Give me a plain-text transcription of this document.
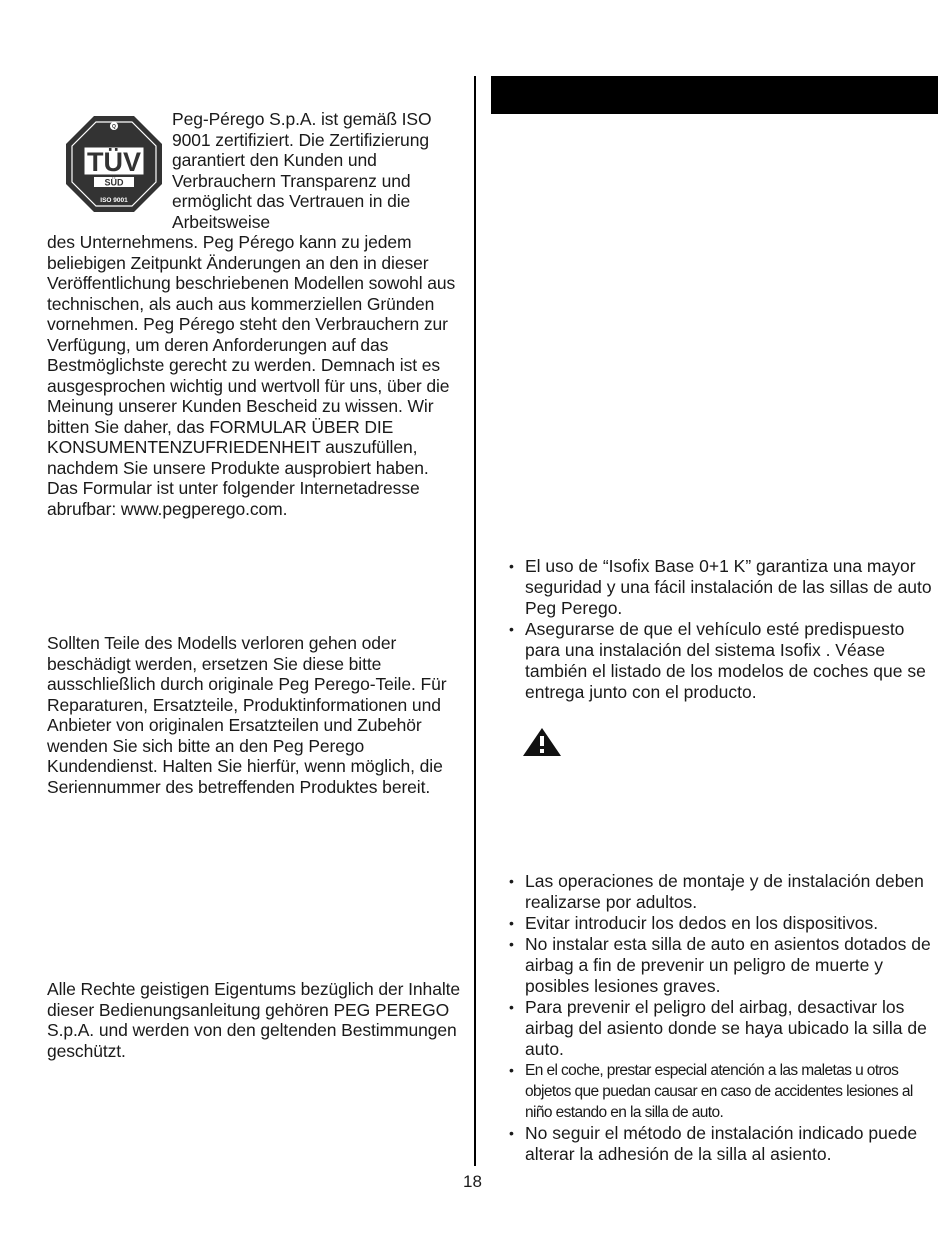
Q
TÜV
SÜD
ISO 9001

Peg-Pérego S.p.A. ist gemäß ISO 9001 zertifiziert. Die Zertifizierung garantiert den Kunden und Verbrauchern Transparenz und ermöglicht das Vertrauen in die Arbeitsweise

des Unternehmens. Peg Pérego kann zu jedem beliebigen Zeitpunkt Änderungen an den in dieser Veröffentlichung beschriebenen Modellen sowohl aus technischen, als auch aus kommerziellen Gründen vornehmen. Peg Pérego steht den Verbrauchern zur Verfügung, um deren Anforderungen auf das Bestmöglichste gerecht zu werden. Demnach ist es ausgesprochen wichtig und wertvoll für uns, über die Meinung unserer Kunden Bescheid zu wissen. Wir bitten Sie daher, das FORMULAR ÜBER DIE KONSUMENTENZUFRIEDENHEIT auszufüllen, nachdem Sie unsere Produkte ausprobiert haben. Das Formular ist unter folgender Internetadresse abrufbar: www.pegperego.com.

Sollten Teile des Modells verloren gehen oder beschädigt werden, ersetzen Sie diese bitte ausschließlich durch originale Peg Perego-Teile. Für Reparaturen, Ersatzteile, Produktinformationen und Anbieter von originalen Ersatzteilen und Zubehör wenden Sie sich bitte an den Peg Perego Kundendienst. Halten Sie hierfür, wenn möglich, die Seriennummer des betreffenden Produktes bereit.

Alle Rechte geistigen Eigentums bezüglich der Inhalte dieser Bedienungsanleitung gehören PEG PEREGO S.p.A. und werden von den geltenden Bestimmungen geschützt.

• El uso de “Isofix Base 0+1 K” garantiza una mayor seguridad y una fácil instalación de las sillas de auto Peg Perego.
• Asegurarse de que el vehículo esté predispuesto para una instalación del sistema Isofix . Véase también el listado de los modelos de coches que se entrega junto con el producto.
• Las operaciones de montaje y de instalación deben realizarse por adultos.
• Evitar introducir los dedos en los dispositivos.
• No instalar esta silla de auto en asientos dotados de airbag a fin de prevenir un peligro de muerte y posibles lesiones graves.
• Para prevenir el peligro del airbag, desactivar los airbag del asiento donde se haya ubicado la silla de auto.
• En el coche, prestar especial atención a las maletas u otros objetos que puedan causar en caso de accidentes lesiones al niño estando en la silla de auto.
• No seguir el método de instalación indicado puede alterar la adhesión de la silla al asiento.
18
